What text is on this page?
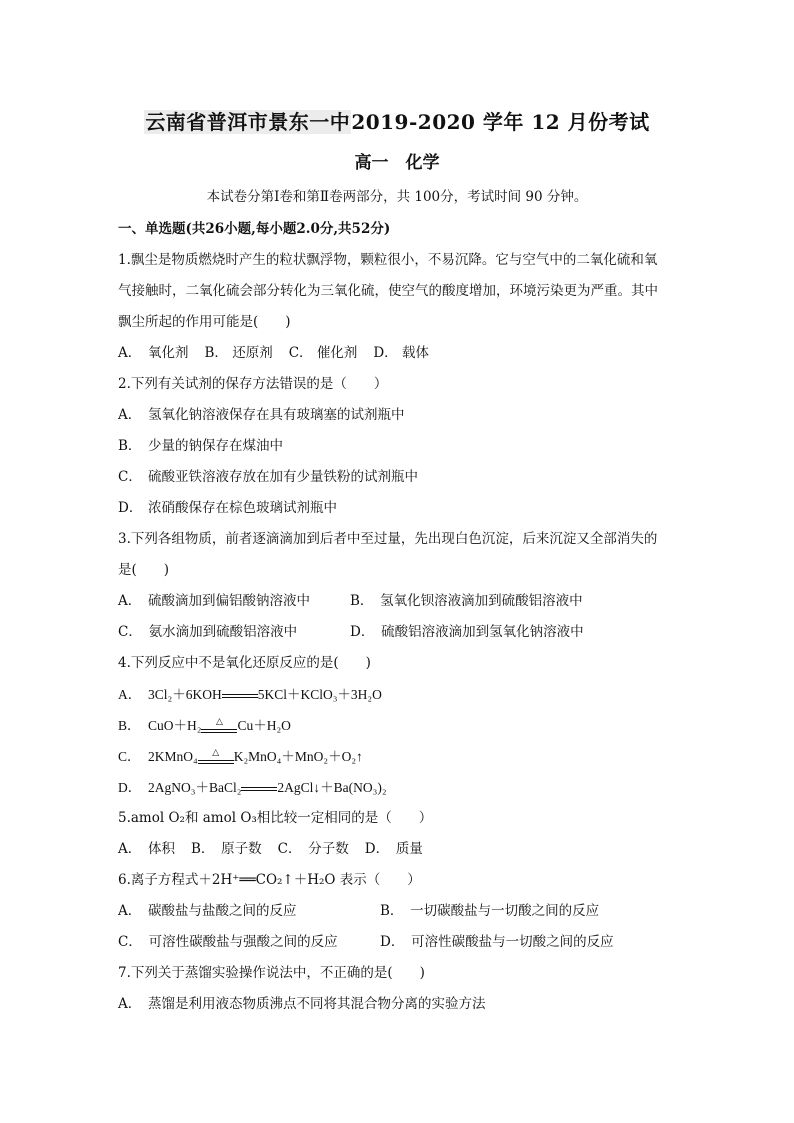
云南省普洱市景东一中2019-2020 学年 12 月份考试
高一　化学
本试卷分第Ⅰ卷和第Ⅱ卷两部分，共 100分，考试时间 90 分钟。
一、单选题(共26小题,每小题2.0分,共52分)
1.飘尘是物质燃烧时产生的粒状飘浮物，颗粒很小，不易沉降。它与空气中的二氧化硫和氧
气接触时，二氧化硫会部分转化为三氧化硫，使空气的酸度增加，环境污染更为严重。其中
飘尘所起的作用可能是(　　)
A．　氧化剂 B． 还原剂 C． 催化剂 D． 载体
2.下列有关试剂的保存方法错误的是（　　）
A． 氢氧化钠溶液保存在具有玻璃塞的试剂瓶中
B． 少量的钠保存在煤油中
C． 硫酸亚铁溶液存放在加有少量铁粉的试剂瓶中
D． 浓硝酸保存在棕色玻璃试剂瓶中
3.下列各组物质，前者逐滴滴加到后者中至过量，先出现白色沉淀，后来沉淀又全部消失的
是(　　)
A．　硫酸滴加到偏铝酸钠溶液中	B．　氢氧化钡溶液滴加到硫酸铝溶液中
C．　氨水滴加到硫酸铝溶液中	D．　硫酸铝溶液滴加到氢氧化钠溶液中
4.下列反应中不是氧化还原反应的是(　　)
A． 3Cl₂＋6KOH	5KCl＋KClO₃＋3H₂O
B． CuO＋H₂	△	Cu＋H₂O
C． 2KMnO₄	△	K₂MnO₄＋MnO₂＋O₂↑
D． 2AgNO₃＋BaCl₂	2AgCl↓＋Ba(NO₃)₂
5.amol O₂和 amol O₃相比较一定相同的是（　　）
A．　体积 B．　原子数 C．　分子数 D．　质量
6.离子方程式＋2H⁺══CO₂↑＋H₂O 表示（　　）
A．　碳酸盐与盐酸之间的反应	B．　一切碳酸盐与一切酸之间的反应
C．　可溶性碳酸盐与强酸之间的反应	D．　可溶性碳酸盐与一切酸之间的反应
7.下列关于蒸馏实验操作说法中，不正确的是(　　)
A． 蒸馏是利用液态物质沸点不同将其混合物分离的实验方法
